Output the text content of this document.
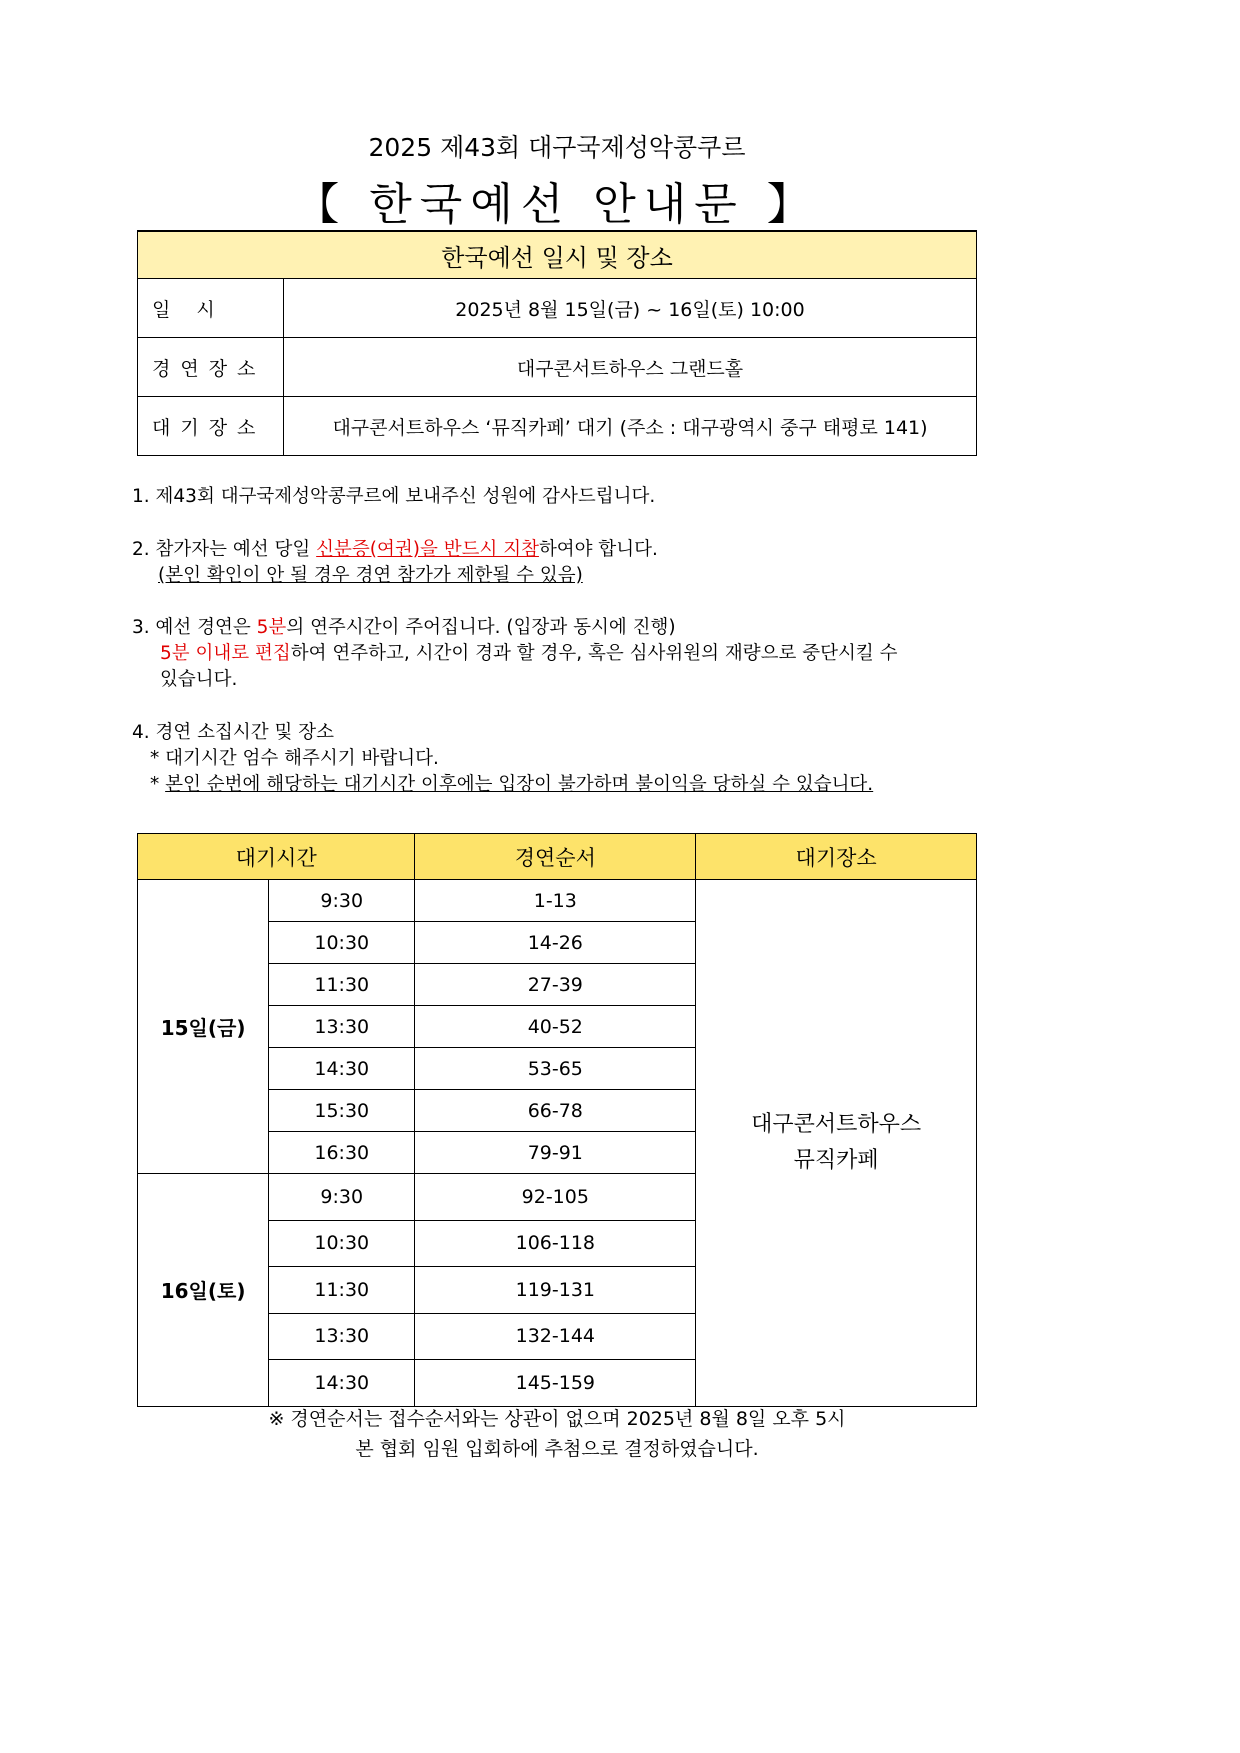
2025 제43회 대구국제성악콩쿠르
【 한국예선 안내문 】
한국예선 일시 및 장소	
일 시	2025년 8월 15일(금) ~ 16일(토) 10:00
경연장소	대구콘서트하우스 그랜드홀
대기장소	대구콘서트하우스 ‘뮤직카페’ 대기 (주소 : 대구광역시 중구 태평로 141)
1. 제43회 대구국제성악콩쿠르에 보내주신 성원에 감사드립니다.
2. 참가자는 예선 당일 신분증(여권)을 반드시 지참하여야 합니다.
(본인 확인이 안 될 경우 경연 참가가 제한될 수 있음)
3. 예선 경연은 5분의 연주시간이 주어집니다. (입장과 동시에 진행)
5분 이내로 편집하여 연주하고, 시간이 경과 할 경우, 혹은 심사위원의 재량으로 중단시킬 수
있습니다.
4. 경연 소집시간 및 장소
* 대기시간 엄수 해주시기 바랍니다.
* 본인 순번에 해당하는 대기시간 이후에는 입장이 불가하며 불이익을 당하실 수 있습니다.
대기시간		경연순서	대기장소
15일(금)	9:30	1-13	대구콘서트하우스
뮤직카페

	10:30	14-26	
	11:30	27-39	
	13:30	40-52	
	14:30	53-65	
	15:30	66-78	
	16:30	79-91	
16일(토)	9:30	92-105	
	10:30	106-118	
	11:30	119-131	
	13:30	132-144	
	14:30	145-159	
※ 경연순서는 접수순서와는 상관이 없으며 2025년 8월 8일 오후 5시
본 협회 임원 입회하에 추첨으로 결정하였습니다.
